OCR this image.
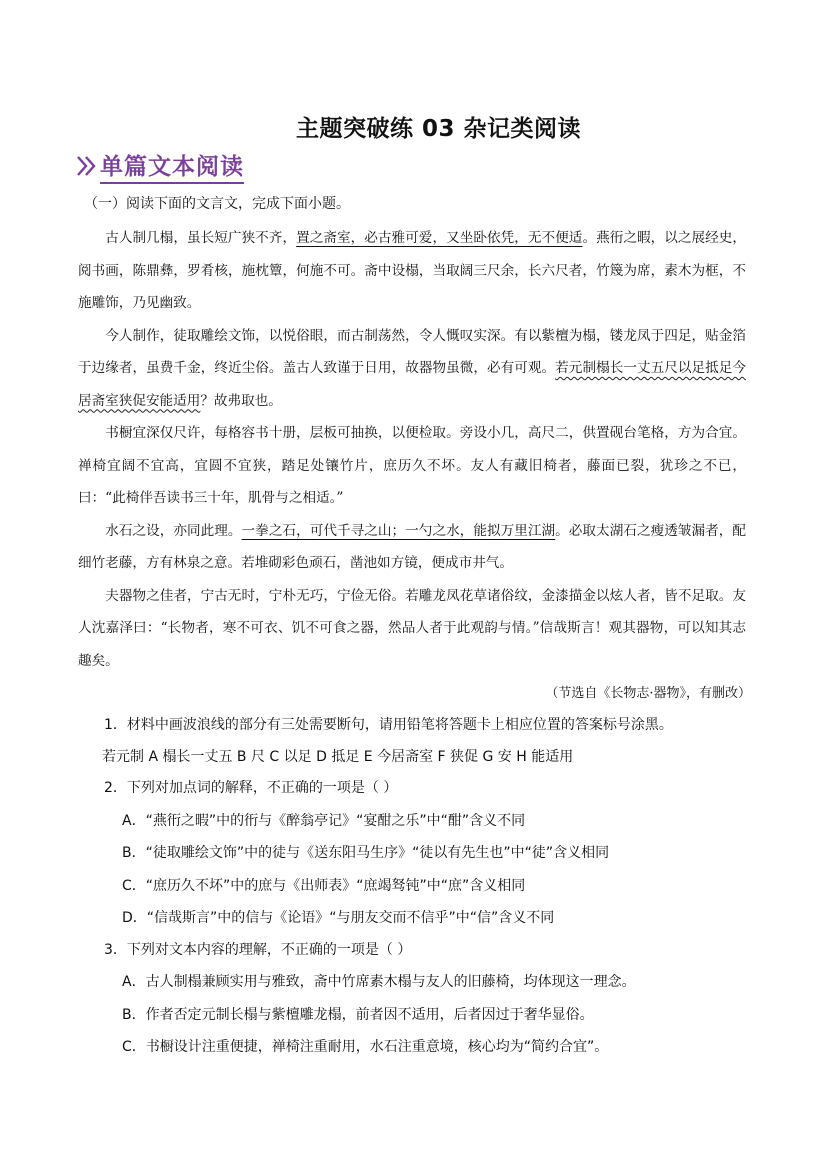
主题突破练 03 杂记类阅读
单篇文本阅读
（一）阅读下面的文言文，完成下面小题。

古人制几榻，虽长短广狭不齐，置之斋室，必古雅可爱，又坐卧依凭，无不便适。燕衎之暇，以之展经史，阅书画，陈鼎彝，罗肴核，施枕簟，何施不可。斋中设榻，当取阔三尺余，长六尺者，竹篾为席，素木为框，不施雕饰，乃见幽致。

今人制作，徒取雕绘文饰，以悦俗眼，而古制荡然，令人慨叹实深。有以紫檀为榻，镂龙凤于四足，贴金箔于边缘者，虽费千金，终近尘俗。盖古人致谨于日用，故器物虽微，必有可观。若元制榻长一丈五尺以足抵足今居斋室狭促安能适用？故弗取也。

书橱宜深仅尺许，每格容书十册，层板可抽换，以便检取。旁设小几，高尺二，供置砚台笔格，方为合宜。禅椅宜阔不宜高，宜圆不宜狭，踏足处镶竹片，庶历久不坏。友人有藏旧椅者，藤面已裂，犹珍之不已，曰：“此椅伴吾读书三十年，肌骨与之相适。”

水石之设，亦同此理。一拳之石，可代千寻之山；一勺之水，能拟万里江湖。必取太湖石之瘦透皱漏者，配细竹老藤，方有林泉之意。若堆砌彩色顽石，凿池如方镜，便成市井气。

夫器物之佳者，宁古无时，宁朴无巧，宁俭无俗。若雕龙凤花草诸俗纹，金漆描金以炫人者，皆不足取。友人沈嘉泽曰：“长物者，寒不可衣、饥不可食之器，然品人者于此观韵与情。”信哉斯言！观其器物，可以知其志趣矣。

（节选自《长物志·器物》，有删改）
1．材料中画波浪线的部分有三处需要断句，请用铅笔将答题卡上相应位置的答案标号涂黑。
若元制 A 榻长一丈五 B 尺 C 以足 D 抵足 E 今居斋室 F 狭促 G 安 H 能适用
2．下列对加点词的解释，不正确的一项是（ ）
A．“燕衎之暇”中的衎与《醉翁亭记》“宴酣之乐”中“酣”含义不同
B．“徒取雕绘文饰”中的徒与《送东阳马生序》“徒以有先生也”中“徒”含义相同
C．“庶历久不坏”中的庶与《出师表》“庶竭驽钝”中“庶”含义相同
D．“信哉斯言”中的信与《论语》“与朋友交而不信乎”中“信”含义不同
3．下列对文本内容的理解，不正确的一项是（ ）
A．古人制榻兼顾实用与雅致，斋中竹席素木榻与友人的旧藤椅，均体现这一理念。
B．作者否定元制长榻与紫檀雕龙榻，前者因不适用，后者因过于奢华显俗。
C．书橱设计注重便捷，禅椅注重耐用，水石注重意境，核心均为“简约合宜”。
